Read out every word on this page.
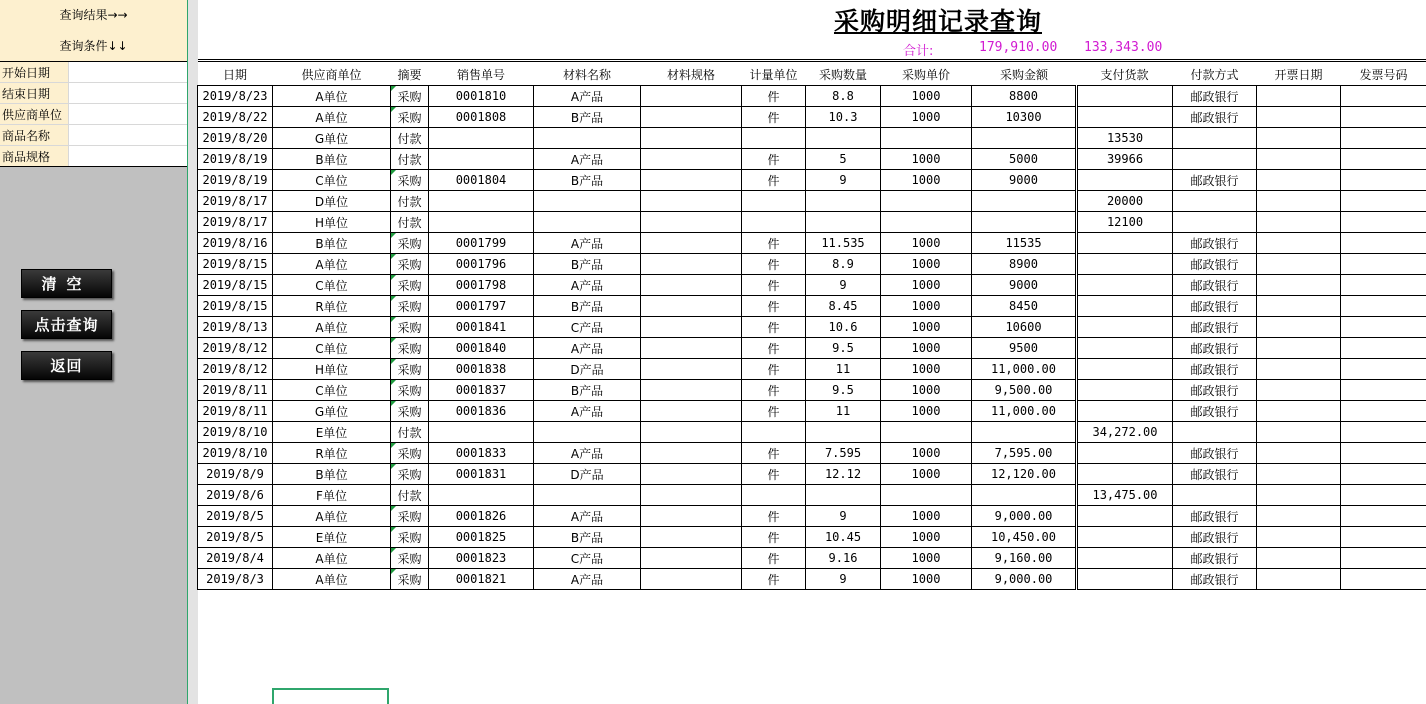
查询结果→→
查询条件↓↓
开始日期	
结束日期	
供应商单位	
商品名称	
商品规格	
清空
点击查询
返回
采购明细记录查询
合计:	179,910.00 133,343.00
日期	供应商单位	摘要	销售单号	材料名称	材料规格	计量单位	采购数量	采购单价	采购金额	支付货款	付款方式	开票日期	发票号码
2019/8/23	A单位	采购	0001810	A产品		件	8.8	1000	8800		邮政银行		
2019/8/22	A单位	采购	0001808	B产品		件	10.3	1000	10300		邮政银行		
2019/8/20	G单位	付款								13530			
2019/8/19	B单位	付款		A产品		件	5	1000	5000	39966			
2019/8/19	C单位	采购	0001804	B产品		件	9	1000	9000		邮政银行		
2019/8/17	D单位	付款								20000			
2019/8/17	H单位	付款								12100			
2019/8/16	B单位	采购	0001799	A产品		件	11.535	1000	11535		邮政银行		
2019/8/15	A单位	采购	0001796	B产品		件	8.9	1000	8900		邮政银行		
2019/8/15	C单位	采购	0001798	A产品		件	9	1000	9000		邮政银行		
2019/8/15	R单位	采购	0001797	B产品		件	8.45	1000	8450		邮政银行		
2019/8/13	A单位	采购	0001841	C产品		件	10.6	1000	10600		邮政银行		
2019/8/12	C单位	采购	0001840	A产品		件	9.5	1000	9500		邮政银行		
2019/8/12	H单位	采购	0001838	D产品		件	11	1000	11,000.00		邮政银行		
2019/8/11	C单位	采购	0001837	B产品		件	9.5	1000	9,500.00		邮政银行		
2019/8/11	G单位	采购	0001836	A产品		件	11	1000	11,000.00		邮政银行		
2019/8/10	E单位	付款								34,272.00			
2019/8/10	R单位	采购	0001833	A产品		件	7.595	1000	7,595.00		邮政银行		
2019/8/9	B单位	采购	0001831	D产品		件	12.12	1000	12,120.00		邮政银行		
2019/8/6	F单位	付款								13,475.00			
2019/8/5	A单位	采购	0001826	A产品		件	9	1000	9,000.00		邮政银行		
2019/8/5	E单位	采购	0001825	B产品		件	10.45	1000	10,450.00		邮政银行		
2019/8/4	A单位	采购	0001823	C产品		件	9.16	1000	9,160.00		邮政银行		
2019/8/3	A单位	采购	0001821	A产品		件	9	1000	9,000.00		邮政银行		
